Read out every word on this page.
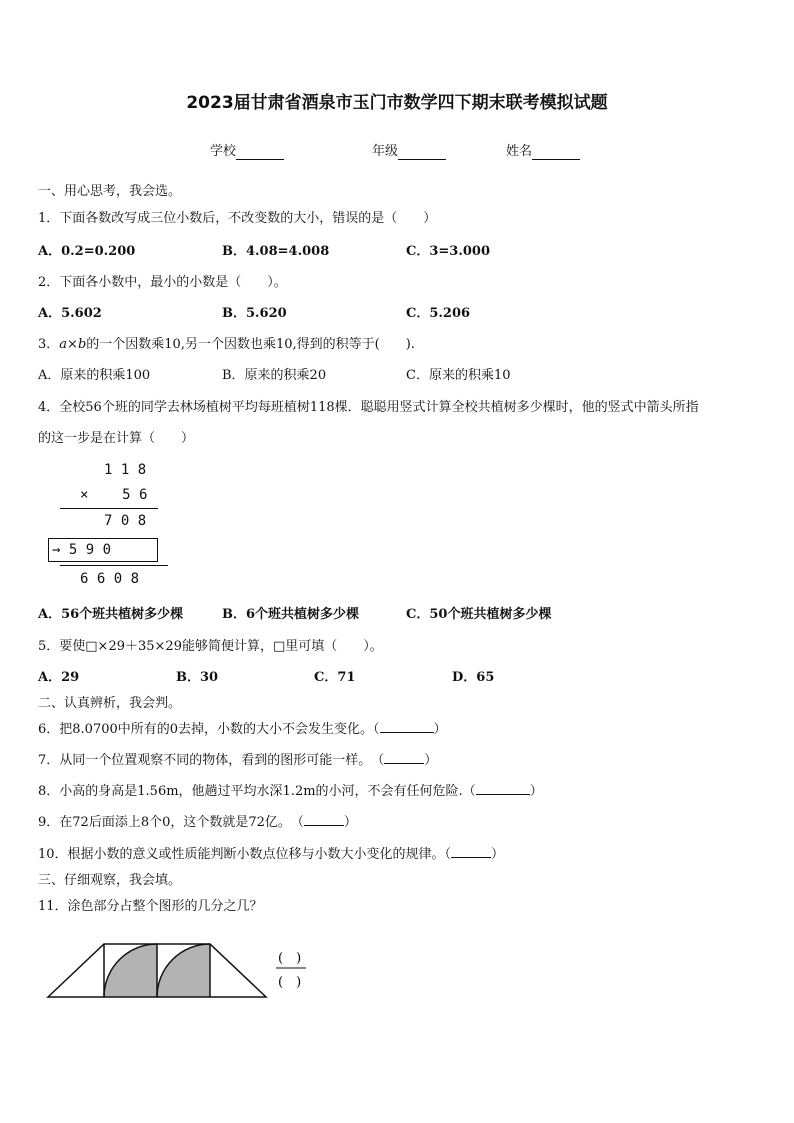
2023届甘肃省酒泉市玉门市数学四下期末联考模拟试题
学校	年级	姓名
一、用心思考，我会选。
1．下面各数改写成三位小数后，不改变数的大小，错误的是（　　）
A．0.2=0.200	B．4.08=4.008	C．3=3.000
2．下面各小数中，最小的小数是（　　）。
A．5.602	B．5.620	C．5.206
3．a×b的一个因数乘10,另一个因数也乘10,得到的积等于(　　).
A．原来的积乘100	B．原来的积乘20	C．原来的积乘10
4．全校56个班的同学去林场植树平均每班植树118棵．聪聪用竖式计算全校共植树多少棵时，他的竖式中箭头所指
的这一步是在计算（　　）
1 1 8
×    5 6
7 0 8
→ 5 9 0
6 6 0 8
A．56个班共植树多少棵	B．6个班共植树多少棵	C．50个班共植树多少棵
5．要使□×29＋35×29能够简便计算，□里可填（　　）。
A．29	B．30	C．71	D．65
二、认真辨析，我会判。
6．把8.0700中所有的0去掉，小数的大小不会发生变化。（	）
7．从同一个位置观察不同的物体，看到的图形可能一样。　（	）
8．小高的身高是1.56m，他趟过平均水深1.2m的小河，不会有任何危险.（	）
9．在72后面添上8个0，这个数就是72亿。　（	）
10．根据小数的意义或性质能判断小数点位移与小数大小变化的规律。（	）
三、仔细观察，我会填。
11．涂色部分占整个图形的几分之几？
(　)
(　)
